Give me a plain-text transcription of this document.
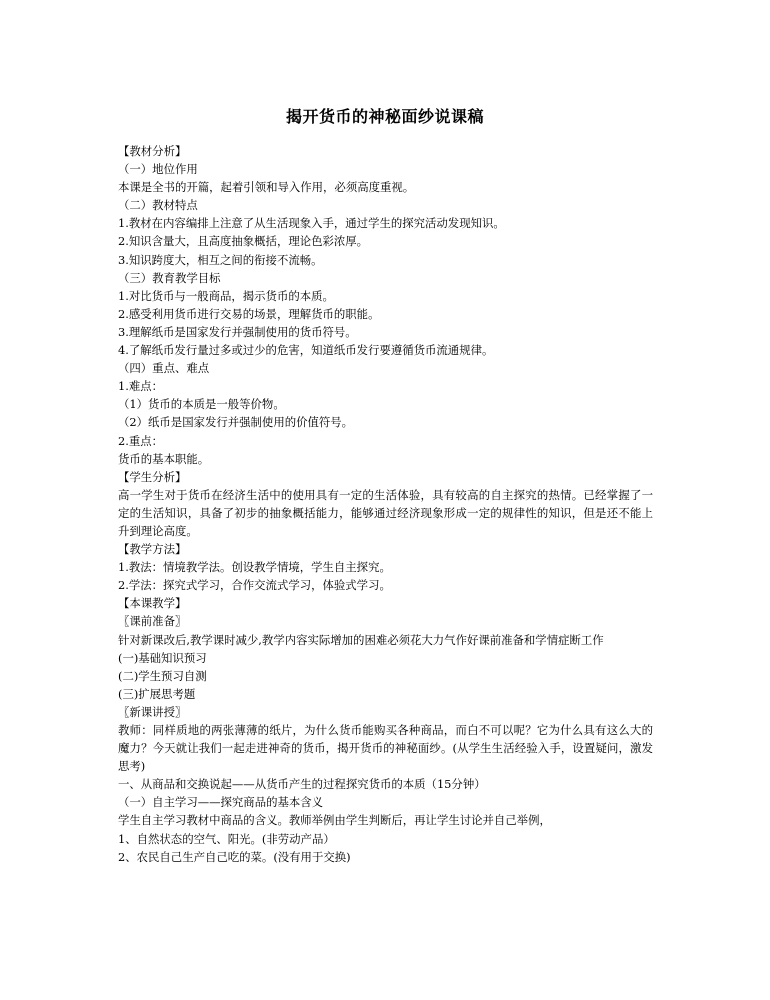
揭开货币的神秘面纱说课稿
【教材分析】
（一）地位作用
本课是全书的开篇，起着引领和导入作用，必须高度重视。
（二）教材特点
1.教材在内容编排上注意了从生活现象入手，通过学生的探究活动发现知识。
2.知识含量大，且高度抽象概括，理论色彩浓厚。
3.知识跨度大，相互之间的衔接不流畅。
（三）教育教学目标
1.对比货币与一般商品，揭示货币的本质。
2.感受利用货币进行交易的场景，理解货币的职能。
3.理解纸币是国家发行并强制使用的货币符号。
4.了解纸币发行量过多或过少的危害，知道纸币发行要遵循货币流通规律。
（四）重点、难点
1.难点：
（1）货币的本质是一般等价物。
（2）纸币是国家发行并强制使用的价值符号。
2.重点：
货币的基本职能。
【学生分析】
高一学生对于货币在经济生活中的使用具有一定的生活体验，具有较高的自主探究的热情。已经掌握了一定的生活知识，具备了初步的抽象概括能力，能够通过经济现象形成一定的规律性的知识，但是还不能上升到理论高度。
【教学方法】
1.教法：情境教学法。创设教学情境，学生自主探究。
2.学法：探究式学习，合作交流式学习，体验式学习。
【本课教学】
〖课前准备〗
针对新课改后,教学课时减少,教学内容实际增加的困难必须花大力气作好课前准备和学情症断工作
(一)基础知识预习
(二)学生预习自测
(三)扩展思考题
〖新课讲授〗
教师：同样质地的两张薄薄的纸片，为什么货币能购买各种商品，而白不可以呢？它为什么具有这么大的魔力？今天就让我们一起走进神奇的货币，揭开货币的神秘面纱。(从学生生活经验入手，设置疑问，激发思考)
一、从商品和交换说起——从货币产生的过程探究货币的本质（15分钟）
（一）自主学习——探究商品的基本含义
学生自主学习教材中商品的含义。教师举例由学生判断后，再让学生讨论并自己举例，
1、自然状态的空气、阳光。(非劳动产品）
2、农民自己生产自己吃的菜。(没有用于交换)
